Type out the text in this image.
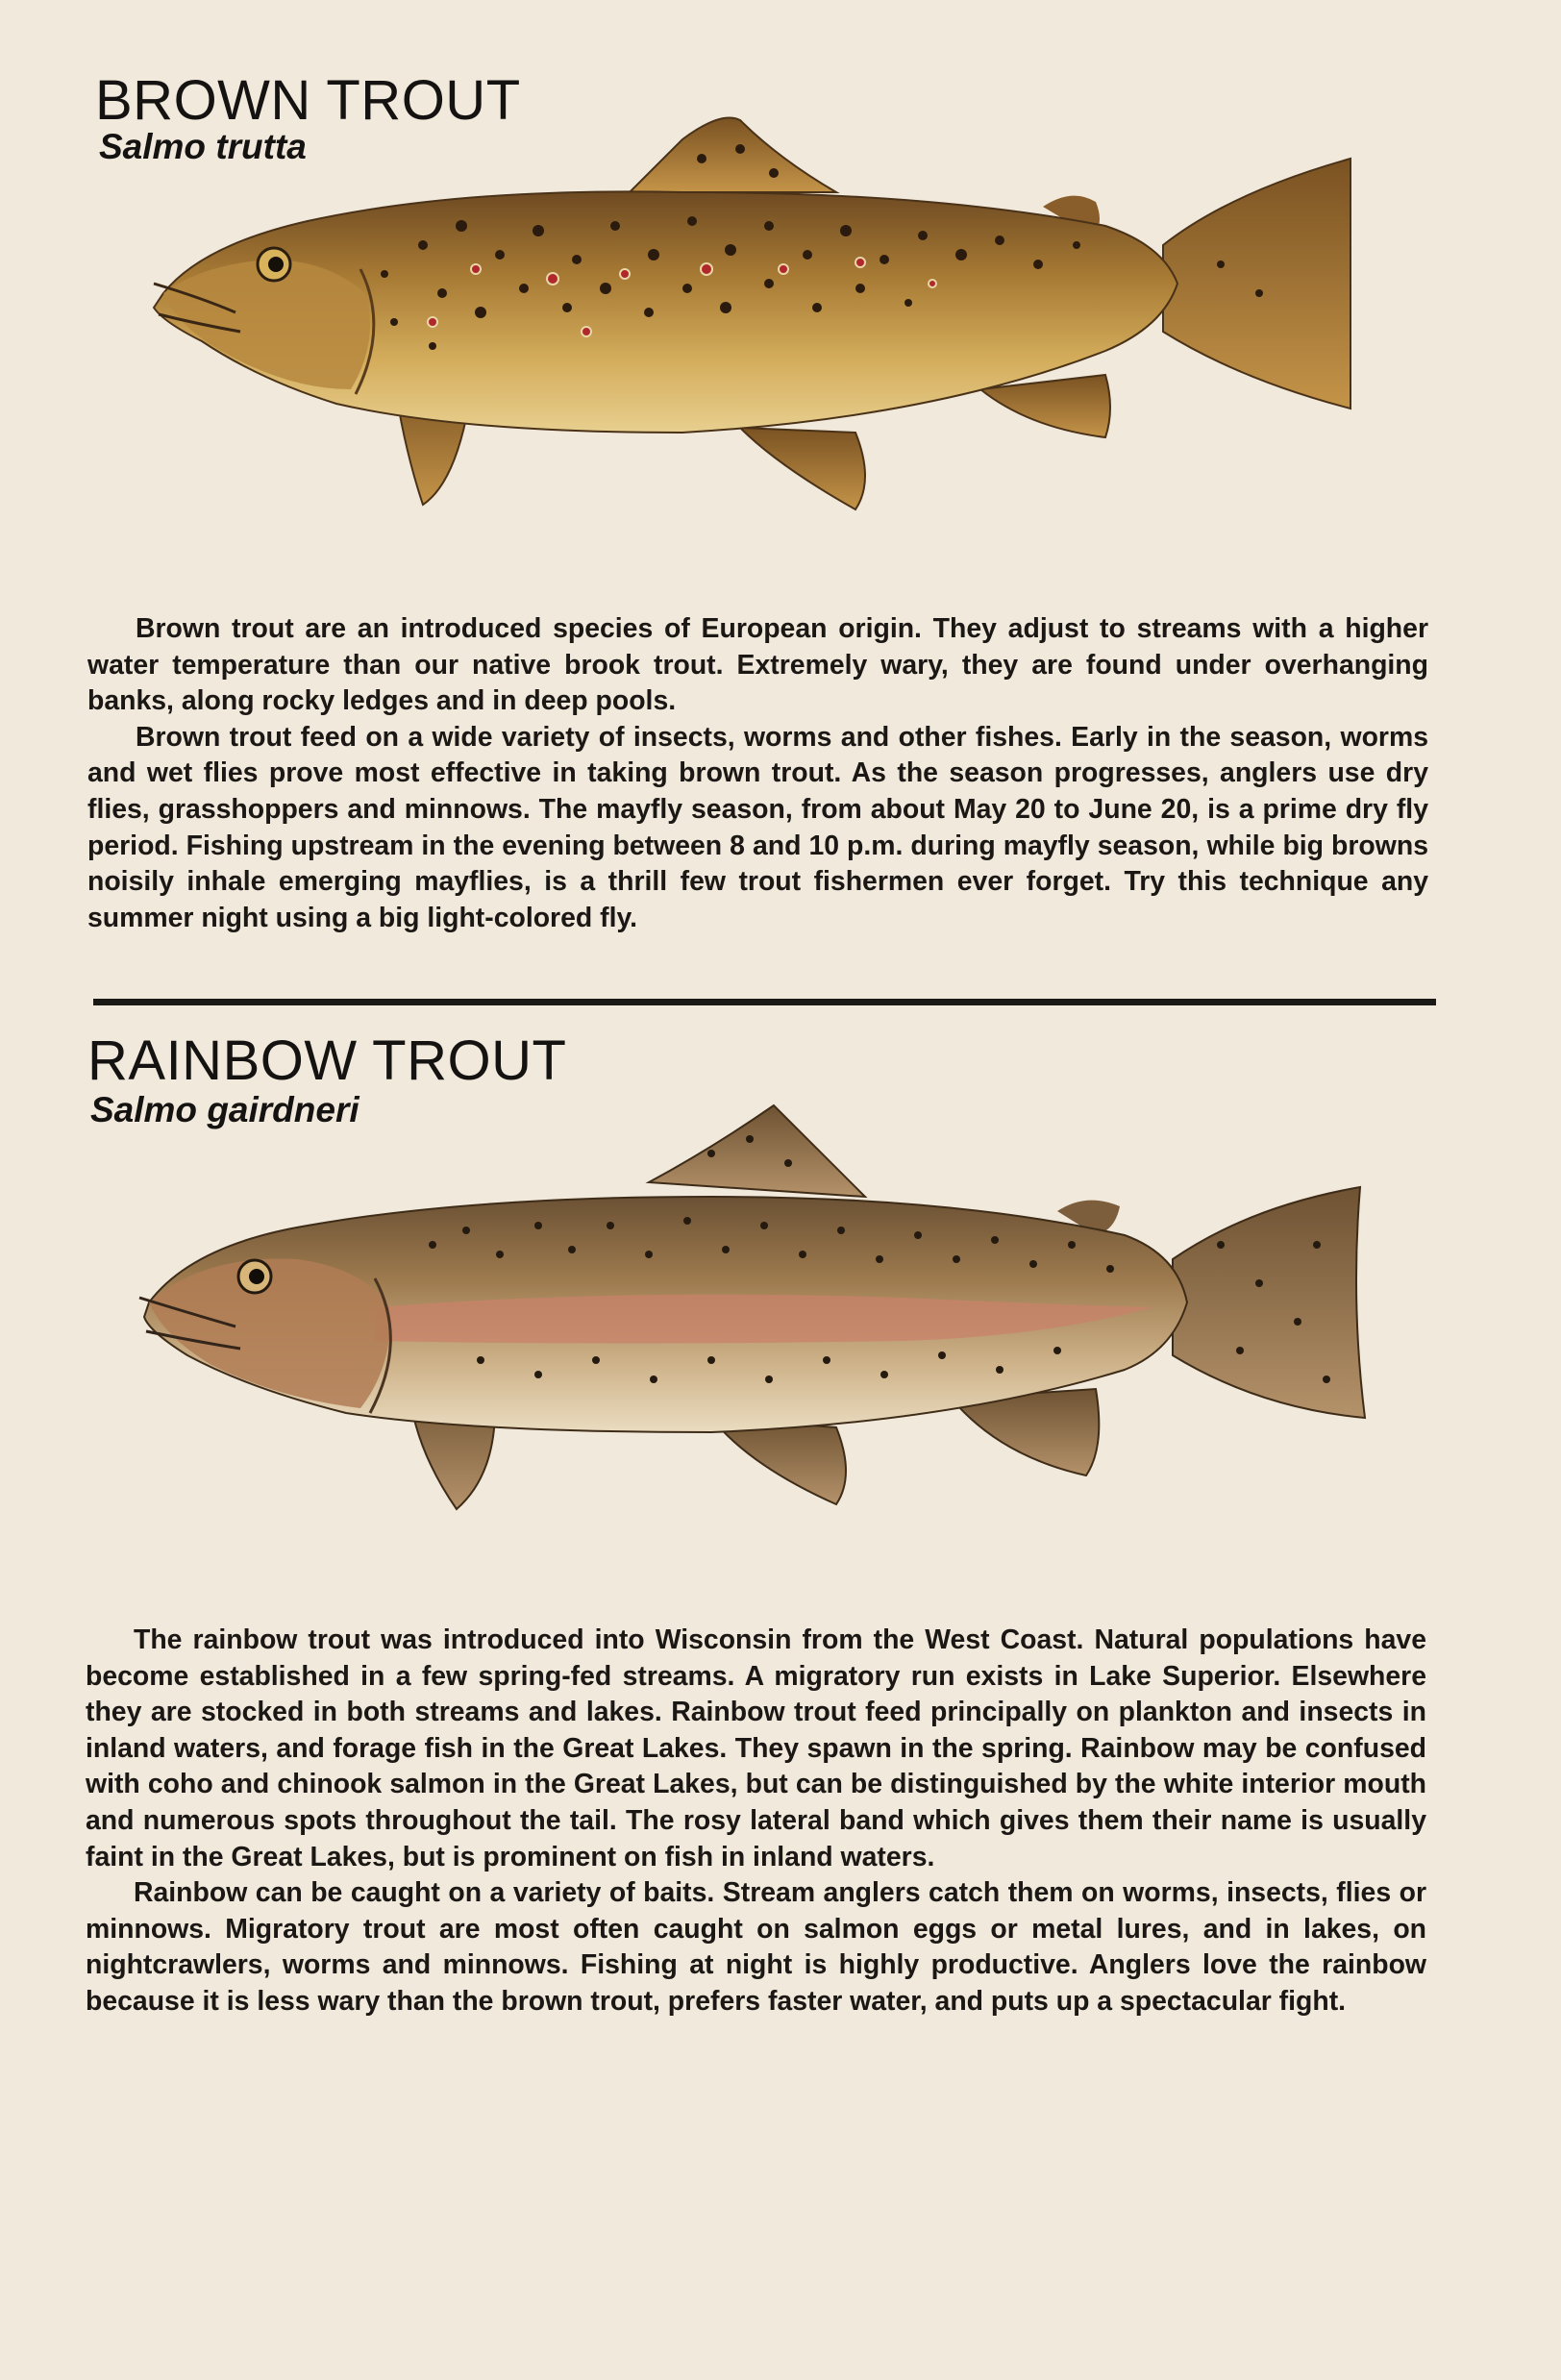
BROWN TROUT
Salmo trutta

Brown trout are an introduced species of European origin. They adjust to streams with a higher water temperature than our native brook trout. Extremely wary, they are found under overhanging banks, along rocky ledges and in deep pools.

Brown trout feed on a wide variety of insects, worms and other fishes. Early in the season, worms and wet flies prove most effective in taking brown trout. As the season progresses, anglers use dry flies, grasshoppers and minnows. The mayfly season, from about May 20 to June 20, is a prime dry fly period. Fishing upstream in the evening between 8 and 10 p.m. during mayfly season, while big browns noisily inhale emerging mayflies, is a thrill few trout fishermen ever forget. Try this technique any summer night using a big light-colored fly.

RAINBOW TROUT
Salmo gairdneri

The rainbow trout was introduced into Wisconsin from the West Coast. Natural populations have become established in a few spring-fed streams. A migratory run exists in Lake Superior. Elsewhere they are stocked in both streams and lakes. Rainbow trout feed principally on plankton and insects in inland waters, and forage fish in the Great Lakes. They spawn in the spring. Rainbow may be confused with coho and chinook salmon in the Great Lakes, but can be distinguished by the white interior mouth and numerous spots throughout the tail. The rosy lateral band which gives them their name is usually faint in the Great Lakes, but is prominent on fish in inland waters.

Rainbow can be caught on a variety of baits. Stream anglers catch them on worms, insects, flies or minnows. Migratory trout are most often caught on salmon eggs or metal lures, and in lakes, on nightcrawlers, worms and minnows. Fishing at night is highly productive. Anglers love the rainbow because it is less wary than the brown trout, prefers faster water, and puts up a spectacular fight.
